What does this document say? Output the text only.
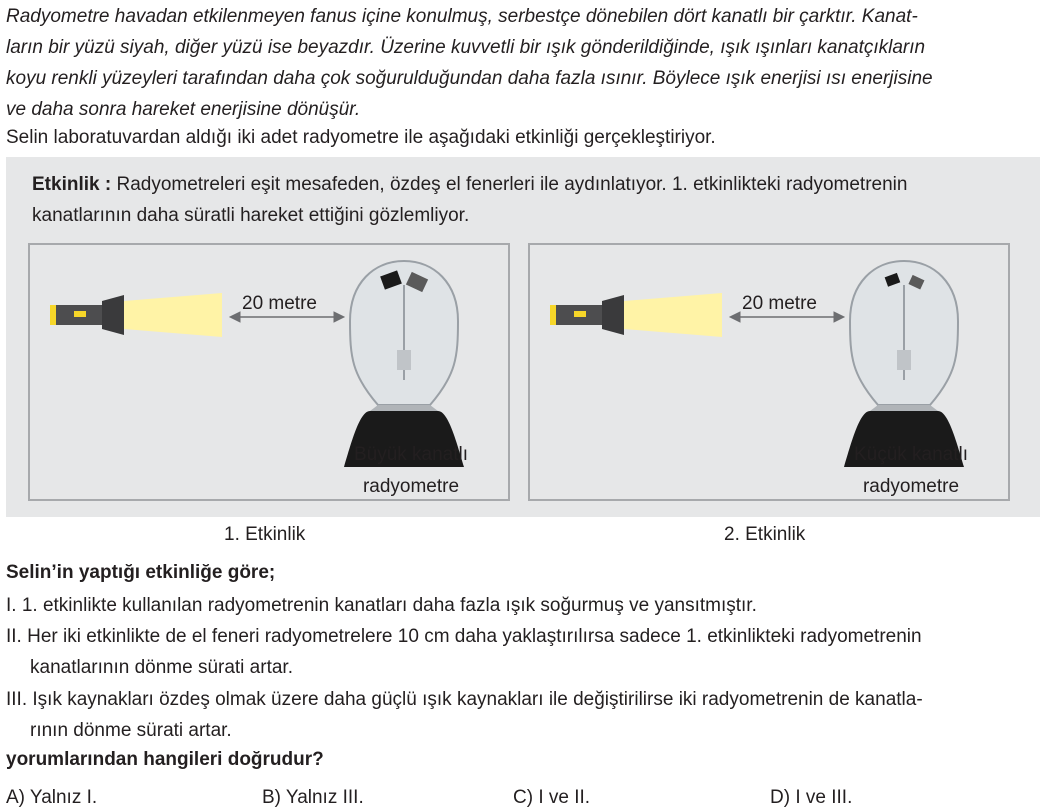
Radyometre havadan etkilenmeyen fanus içine konulmuş, serbestçe dönebilen dört kanatlı bir çarktır. Kanat-
ların bir yüzü siyah, diğer yüzü ise beyazdır. Üzerine kuvvetli bir ışık gönderildiğinde, ışık ışınları kanatçıkların
koyu renkli yüzeyleri tarafından daha çok soğurulduğundan daha fazla ısınır. Böylece ışık enerjisi ısı enerjisine
ve daha sonra hareket enerjisine dönüşür.

Selin laboratuvardan aldığı iki adet radyometre ile aşağıdaki etkinliği gerçekleştiriyor.

Etkinlik : Radyometreleri eşit mesafeden, özdeş el fenerleri ile aydınlatıyor. 1. etkinlikteki radyometrenin
kanatlarının daha süratli hareket ettiğini gözlemliyor.

20 metre
Büyük kanatlı
radyometre
20 metre
Küçük kanatlı
radyometre
1. Etkinlik	2. Etkinlik

Selin’in yaptığı etkinliğe göre;

I. 1. etkinlikte kullanılan radyometrenin kanatları daha fazla ışık soğurmuş ve yansıtmıştır.

II. Her iki etkinlikte de el feneri radyometrelere 10 cm daha yaklaştırılırsa sadece 1. etkinlikteki radyometrenin
kanatlarının dönme sürati artar.

III. Işık kaynakları özdeş olmak üzere daha güçlü ışık kaynakları ile değiştirilirse iki radyometrenin de kanatla-
rının dönme sürati artar.

yorumlarından hangileri doğrudur?

A) Yalnız I.	B) Yalnız III.	C) I ve II.	D) I ve III.
